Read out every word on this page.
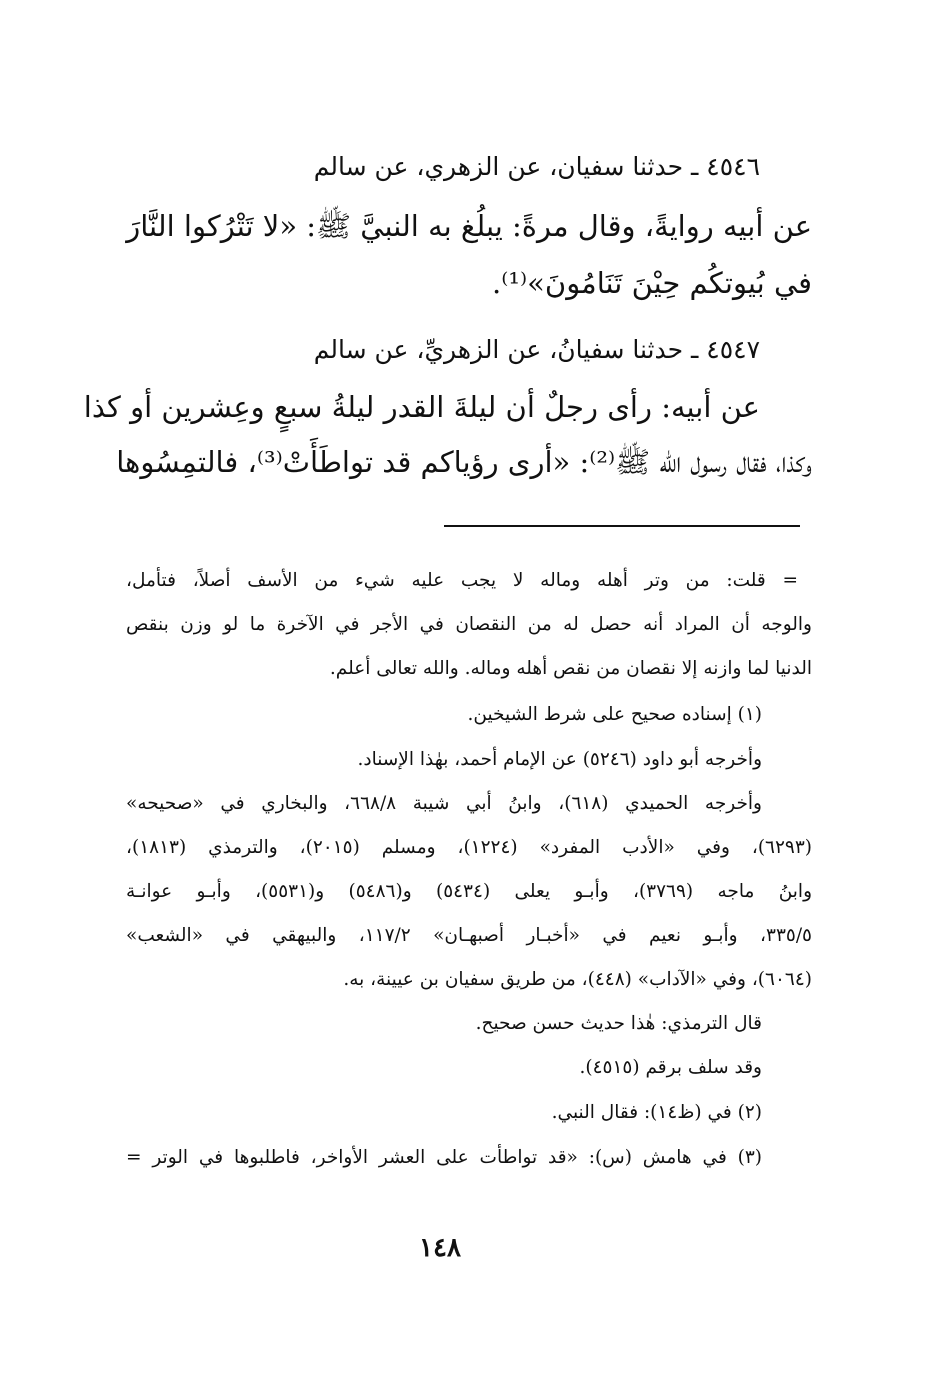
٤٥٤٦ ـ حدثنا سفيان، عن الزهري، عن سالم
عن أبيه روايةً، وقال مرةً: يبلُغ به النبيَّ ﷺ: «لا تَتْرُكوا النَّارَ
في بُيوتكُم حِيْنَ تَنَامُونَ»⁽¹⁾.
٤٥٤٧ ـ حدثنا سفيانُ، عن الزهريِّ، عن سالم
عن أبيه: رأى رجلٌ أن ليلةَ القدر ليلةُ سبعٍ وعِشرين أو كذا
وكذا، فقال رسول الله ﷺ⁽²⁾: «أرى رؤياكم قد تواطَأَتْ⁽³⁾، فالتمِسُوها
= قلت: من وتر أهله وماله لا يجب عليه شيء من الأسف أصلاً، فتأمل،
والوجه أن المراد أنه حصل له من النقصان في الأجر في الآخرة ما لو وزن بنقص
الدنيا لما وازنه إلا نقصان من نقص أهله وماله. والله تعالى أعلم.
(١) إسناده صحيح على شرط الشيخين.
وأخرجه أبو داود (٥٢٤٦) عن الإمام أحمد، بهٰذا الإسناد.
وأخرجه الحميدي (٦١٨)، وابنُ أبي شيبة ٦٦٨/٨، والبخاري في «صحيحه»
(٦٢٩٣)، وفي «الأدب المفرد» (١٢٢٤)، ومسلم (٢٠١٥)، والترمذي (١٨١٣)،
وابنُ ماجه (٣٧٦٩)، وأبـو يعلى (٥٤٣٤) و(٥٤٨٦) و(٥٥٣١)، وأبـو عوانـة
٣٣٥/٥، وأبـو نعيم في «أخبـار أصبهـان» ١١٧/٢، والبيهقي في «الشعب»
(٦٠٦٤)، وفي «الآداب» (٤٤٨)، من طريق سفيان بن عيينة، به.
قال الترمذي: هٰذا حديث حسن صحيح.
وقد سلف برقم (٤٥١٥).
(٢) في (ظ١٤): فقال النبي.
(٣) في هامش (س): «قد تواطأت على العشر الأواخر، فاطلبوها في الوتر =
١٤٨
